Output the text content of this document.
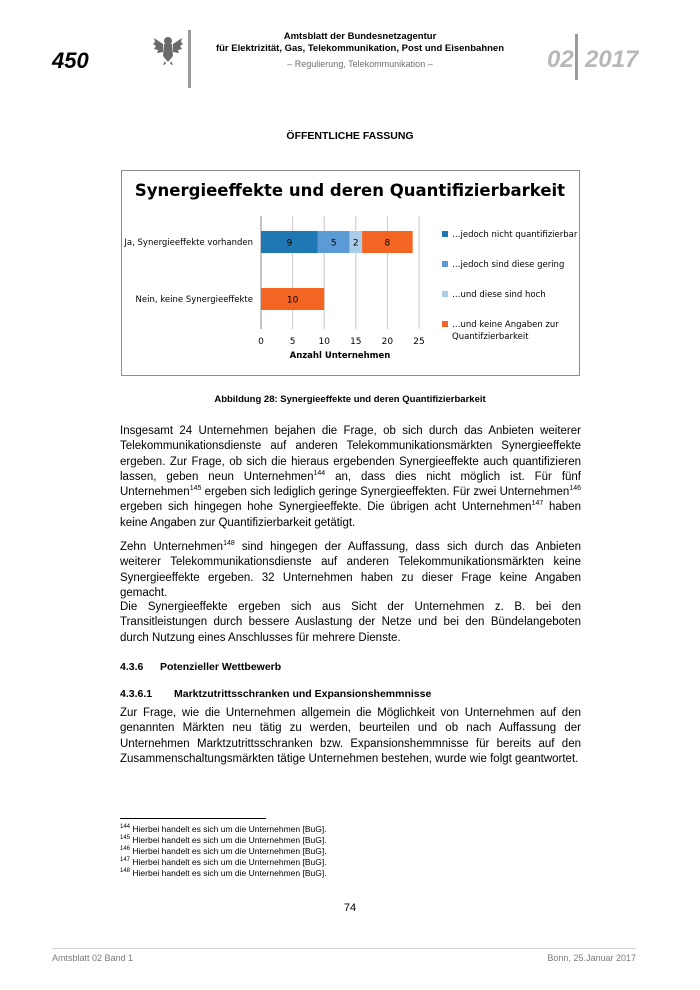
450
Amtsblatt der Bundesnetzagentur
für Elektrizität, Gas, Telekommunikation, Post und Eisenbahnen
– Regulierung, Telekommunikation –	02 2017
ÖFFENTLICHE FASSUNG
Synergieeffekte und deren Quantifizierbarkeit
0	5	10 15 20 25
Anzahl Unternehmen
Ja, Synergieeffekte vorhanden	9	5 2	8
Nein, keine Synergieeffekte	10
…jedoch nicht quantifizierbar
…jedoch sind diese gering
…und diese sind hoch
…und keine Angaben zur
Quantifzierbarkeit
Abbildung 28: Synergieeffekte und deren Quantifizierbarkeit
Insgesamt 24 Unternehmen bejahen die Frage, ob sich durch das Anbieten weiterer Telekommunikationsdienste auf anderen Telekommunikationsmärkten Synergieeffekte ergeben. Zur Frage, ob sich die hieraus ergebenden Synergieeffekte auch quantifizieren lassen, geben neun Unternehmen$^{144}$ an, dass dies nicht möglich ist. Für fünf Unternehmen$^{145}$ ergeben sich lediglich geringe Synergieeffekten. Für zwei Unternehmen$^{146}$ ergeben sich hingegen hohe Synergieeffekte. Die übrigen acht Unternehmen$^{147}$ haben keine Angaben zur Quantifizierbarkeit getätigt.
Zehn Unternehmen$^{148}$ sind hingegen der Auffassung, dass sich durch das Anbieten weiterer Telekommunikationsdienste auf anderen Telekommunikationsmärkten keine Synergieeffekte ergeben. 32 Unternehmen haben zu dieser Frage keine Angaben gemacht.
Die Synergieeffekte ergeben sich aus Sicht der Unternehmen z. B. bei den Transitleistungen durch bessere Auslastung der Netze und bei den Bündelangeboten durch Nutzung eines Anschlusses für mehrere Dienste.
4.3.6 Potenzieller Wettbewerb
4.3.6.1 Marktzutrittsschranken und Expansionshemmnisse
Zur Frage, wie die Unternehmen allgemein die Möglichkeit von Unternehmen auf den genannten Märkten neu tätig zu werden, beurteilen und ob nach Auffassung der Unternehmen Marktzutrittsschranken bzw. Expansionshemmnisse für bereits auf den Zusammenschaltungsmärkten tätige Unternehmen bestehen, wurde wie folgt geantwortet.
$^{144}$ Hierbei handelt es sich um die Unternehmen [BuG].
$^{145}$ Hierbei handelt es sich um die Unternehmen [BuG].
$^{146}$ Hierbei handelt es sich um die Unternehmen [BuG].
$^{147}$ Hierbei handelt es sich um die Unternehmen [BuG].
$^{148}$ Hierbei handelt es sich um die Unternehmen [BuG].
74
Amtsblatt 02 Band 1	Bonn, 25.Januar 2017
